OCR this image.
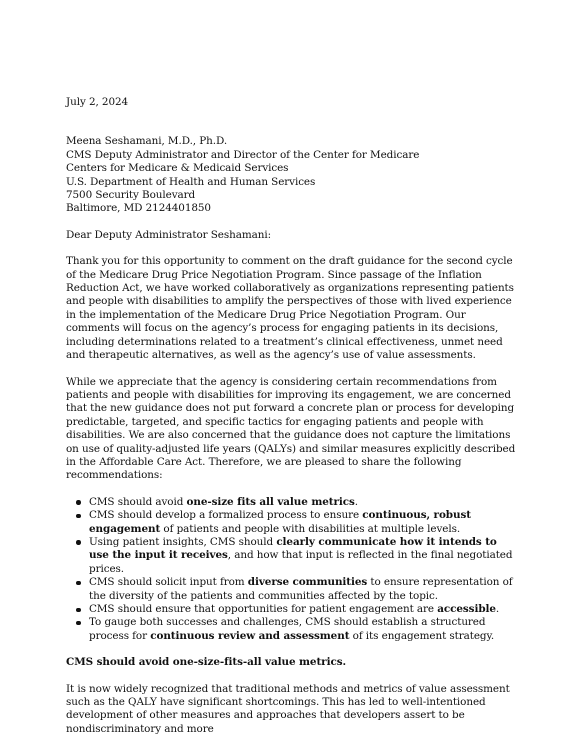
July 2, 2024

Meena Seshamani, M.D., Ph.D.
CMS Deputy Administrator and Director of the Center for Medicare
Centers for Medicare & Medicaid Services
U.S. Department of Health and Human Services
7500 Security Boulevard
Baltimore, MD 2124401850

Dear Deputy Administrator Seshamani:

Thank you for this opportunity to comment on the draft guidance for the second cycle of the Medicare Drug Price Negotiation Program. Since passage of the Inflation Reduction Act, we have worked collaboratively as organizations representing patients and people with disabilities to amplify the perspectives of those with lived experience in the implementation of the Medicare Drug Price Negotiation Program. Our comments will focus on the agency’s process for engaging patients in its decisions, including determinations related to a treatment’s clinical effectiveness, unmet need and therapeutic alternatives, as well as the agency’s use of value assessments.

While we appreciate that the agency is considering certain recommendations from patients and people with disabilities for improving its engagement, we are concerned that the new guidance does not put forward a concrete plan or process for developing predictable, targeted, and specific tactics for engaging patients and people with disabilities. We are also concerned that the guidance does not capture the limitations on use of quality-adjusted life years (QALYs) and similar measures explicitly described in the Affordable Care Act. Therefore, we are pleased to share the following recommendations:

CMS should avoid one-size fits all value metrics.
CMS should develop a formalized process to ensure continuous, robust engagement of patients and people with disabilities at multiple levels.
Using patient insights, CMS should clearly communicate how it intends to use the input it receives, and how that input is reflected in the final negotiated prices.
CMS should solicit input from diverse communities to ensure representation of the diversity of the patients and communities affected by the topic.
CMS should ensure that opportunities for patient engagement are accessible.
To gauge both successes and challenges, CMS should establish a structured process for continuous review and assessment of its engagement strategy.

CMS should avoid one-size-fits-all value metrics.

It is now widely recognized that traditional methods and metrics of value assessment such as the QALY have significant shortcomings. This has led to well-intentioned development of other measures and approaches that developers assert to be nondiscriminatory and more
